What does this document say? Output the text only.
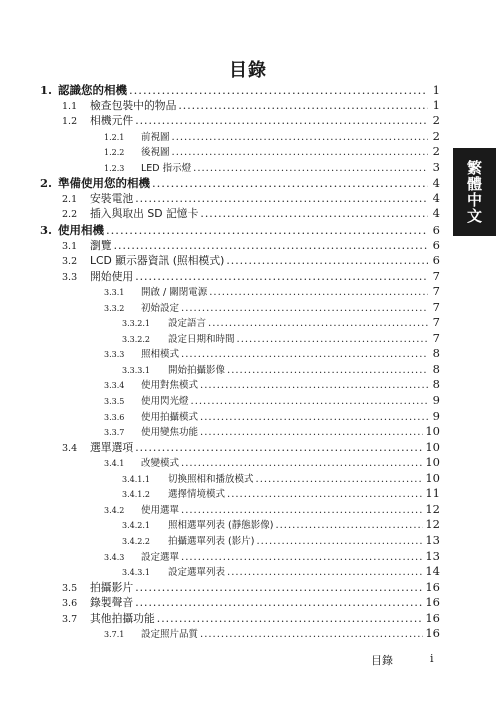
目錄
1. 認識您的相機 .....	1
1.1	檢查包裝中的物品 .....	1
1.2	相機元件 .....	2
1.2.1	前視圖 .....	2
1.2.2	後視圖 .....	2
1.2.3	LED 指示燈 .....	3
2. 準備使用您的相機 .....	4
2.1	安裝電池 .....	4
2.2	插入與取出 SD 記憶卡 .....	4
3. 使用相機 .....	6
3.1	瀏覽 .....	6
3.2	LCD 顯示器資訊 (照相模式) .....	6
3.3	開始使用 .....	7
3.3.1	開啟 / 關閉電源 .....	7
3.3.2	初始設定 .....	7
3.3.2.1	設定語言 .....	7
3.3.2.2	設定日期和時間 .....	7
3.3.3	照相模式 .....	8
3.3.3.1	開始拍攝影像 .....	8
3.3.4	使用對焦模式 .....	8
3.3.5	使用閃光燈 .....	9
3.3.6	使用拍攝模式 .....	9
3.3.7	使用變焦功能 .....	10
3.4	選單選項 .....	10
3.4.1	改變模式 .....	10
3.4.1.1	切換照相和播放模式 .....	10
3.4.1.2	選擇情境模式 .....	11
3.4.2	使用選單 .....	12
3.4.2.1	照相選單列表 (靜態影像) .....	12
3.4.2.2	拍攝選單列表 (影片) .....	13
3.4.3	設定選單 .....	13
3.4.3.1	設定選單列表 .....	14
3.5	拍攝影片 .....	16
3.6	錄製聲音 .....	16
3.7	其他拍攝功能 .....	16
3.7.1	設定照片品質 .....	16
繁體中文
目錄	i
